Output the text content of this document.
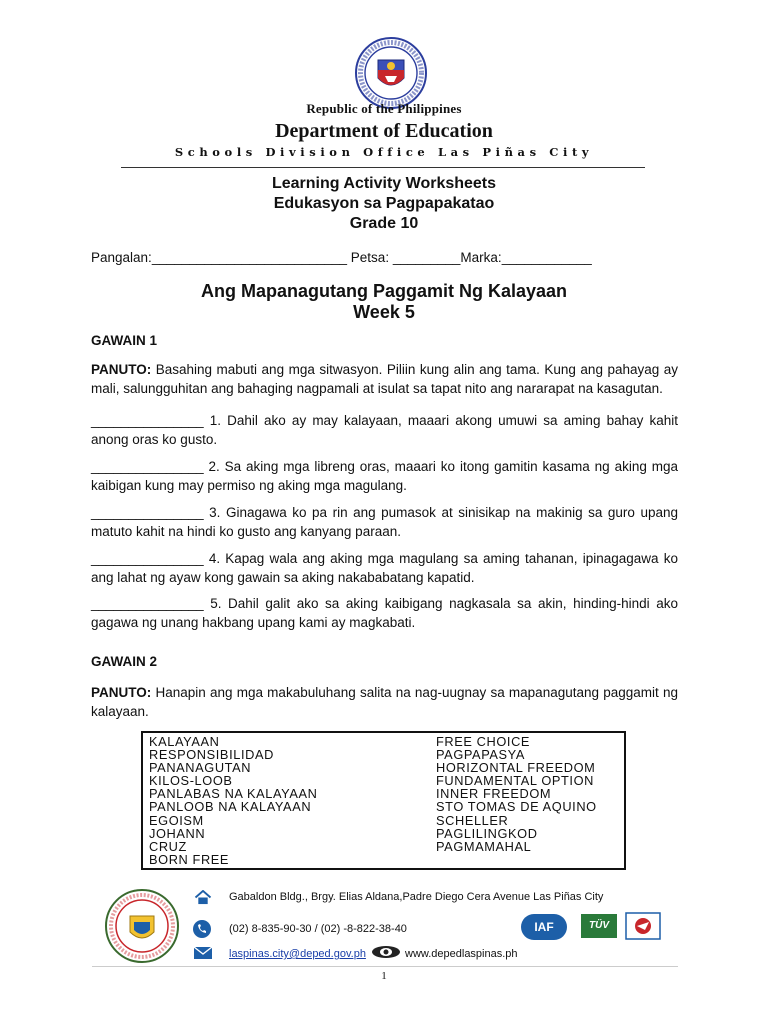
Republic of the Philippines
Department of Education
Schools Division Office Las Piñas City
Learning Activity Worksheets
Edukasyon sa Pagpapakatao
Grade 10
Pangalan:__________________________ Petsa: _________Marka:____________
Ang Mapanagutang Paggamit Ng Kalayaan
Week 5
GAWAIN 1
PANUTO: Basahing mabuti ang mga sitwasyon. Piliin kung alin ang tama. Kung ang pahayag ay mali, salungguhitan ang bahaging nagpamali at isulat sa tapat nito ang nararapat na kasagutan.
_______________ 1. Dahil ako ay may kalayaan, maaari akong umuwi sa aming bahay kahit anong oras ko gusto.
_______________ 2. Sa aking mga libreng oras, maaari ko itong gamitin kasama ng aking mga kaibigan kung may permiso ng aking mga magulang.
_______________ 3. Ginagawa ko pa rin ang pumasok at sinisikap na makinig sa guro upang matuto kahit na hindi ko gusto ang kanyang paraan.
_______________ 4. Kapag wala ang aking mga magulang sa aming tahanan, ipinagagawa ko ang lahat ng ayaw kong gawain sa aking nakababatang kapatid.
_______________ 5. Dahil galit ako sa aking kaibigang nagkasala sa akin, hinding-hindi ako gagawa ng unang hakbang upang kami ay magkabati.
GAWAIN 2
PANUTO: Hanapin ang mga makabuluhang salita na nag-uugnay sa mapanagutang paggamit ng kalayaan.
KALAYAAN
RESPONSIBILIDAD
PANANAGUTAN
KILOS-LOOB
PANLABAS NA KALAYAAN
PANLOOB NA KALAYAAN
EGOISM
JOHANN
CRUZ
BORN FREE
FREE CHOICE
PAGPAPASYA
HORIZONTAL FREEDOM
FUNDAMENTAL OPTION
INNER FREEDOM
STO TOMAS DE AQUINO
SCHELLER
PAGLILINGKOD
PAGMAMAHAL
Gabaldon Bldg., Brgy. Elias Aldana,Padre Diego Cera Avenue Las Piñas City
(02) 8-835-90-30 / (02) -8-822-38-40
laspinas.city@deped.gov.ph	www.depedlaspinas.ph
IAF	TÜV
1
